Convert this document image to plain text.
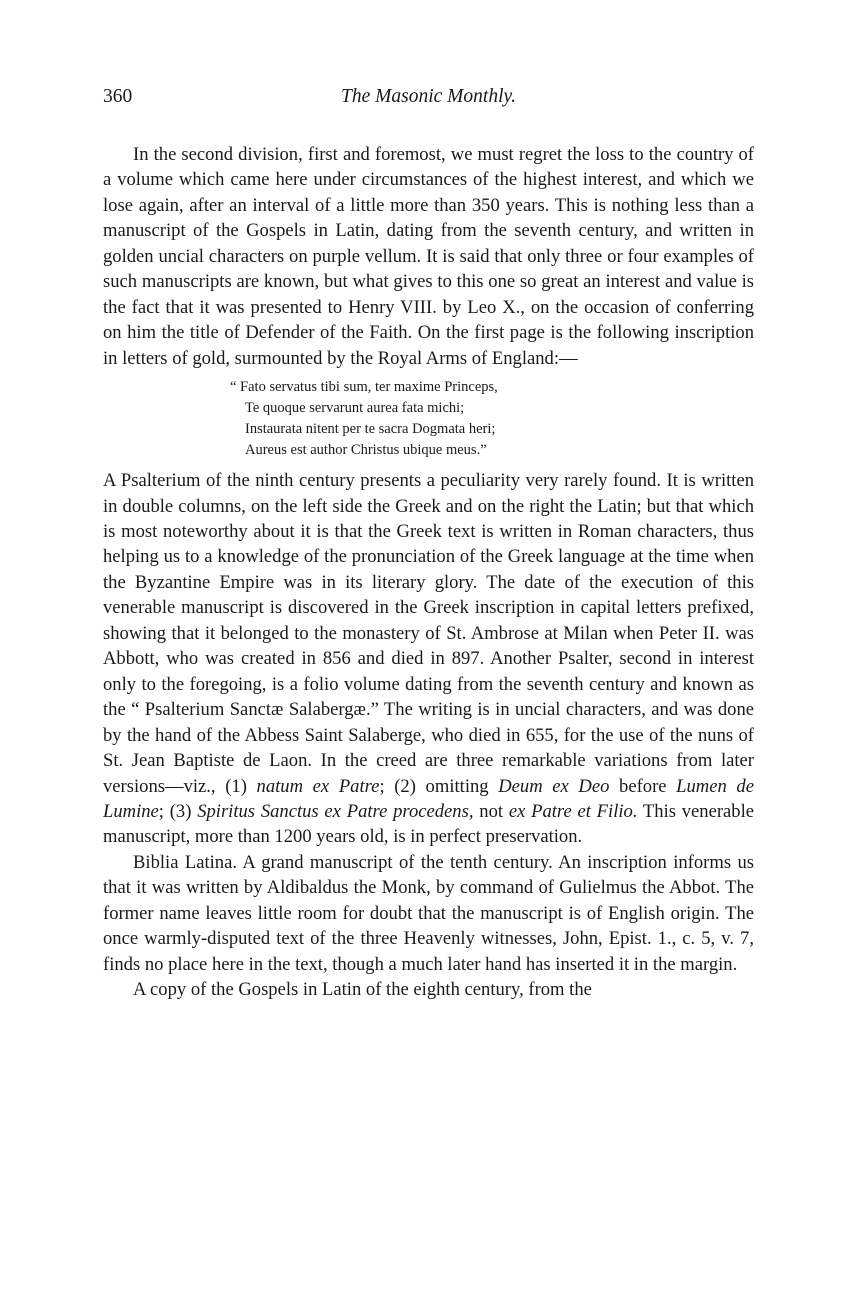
360	The Masonic Monthly.

In the second division, first and foremost, we must regret the loss to the country of a volume which came here under circumstances of the highest interest, and which we lose again, after an interval of a little more than 350 years. This is nothing less than a manuscript of the Gospels in Latin, dating from the seventh century, and written in golden uncial characters on purple vellum. It is said that only three or four examples of such manuscripts are known, but what gives to this one so great an interest and value is the fact that it was presented to Henry VIII. by Leo X., on the occasion of conferring on him the title of Defender of the Faith. On the first page is the following inscription in letters of gold, surmounted by the Royal Arms of England:—

“ Fato servatus tibi sum, ter maxime Princeps,
Te quoque servarunt aurea fata michi;
Instaurata nitent per te sacra Dogmata heri;
Aureus est author Christus ubique meus.”

A Psalterium of the ninth century presents a peculiarity very rarely found. It is written in double columns, on the left side the Greek and on the right the Latin; but that which is most noteworthy about it is that the Greek text is written in Roman characters, thus helping us to a knowledge of the pronunciation of the Greek language at the time when the Byzantine Empire was in its literary glory. The date of the execution of this venerable manuscript is discovered in the Greek inscription in capital letters prefixed, showing that it belonged to the monastery of St. Ambrose at Milan when Peter II. was Abbott, who was created in 856 and died in 897. Another Psalter, second in interest only to the foregoing, is a folio volume dating from the seventh century and known as the “ Psalterium Sanctæ Salabergæ.” The writing is in uncial characters, and was done by the hand of the Abbess Saint Salaberge, who died in 655, for the use of the nuns of St. Jean Baptiste de Laon. In the creed are three remarkable variations from later versions—viz., (1) natum ex Patre; (2) omitting Deum ex Deo before Lumen de Lumine; (3) Spiritus Sanctus ex Patre procedens, not ex Patre et Filio. This venerable manuscript, more than 1200 years old, is in perfect preservation.

Biblia Latina. A grand manuscript of the tenth century. An inscription informs us that it was written by Aldibaldus the Monk, by command of Gulielmus the Abbot. The former name leaves little room for doubt that the manuscript is of English origin. The once warmly-disputed text of the three Heavenly witnesses, John, Epist. 1., c. 5, v. 7, finds no place here in the text, though a much later hand has inserted it in the margin.

A copy of the Gospels in Latin of the eighth century, from the
